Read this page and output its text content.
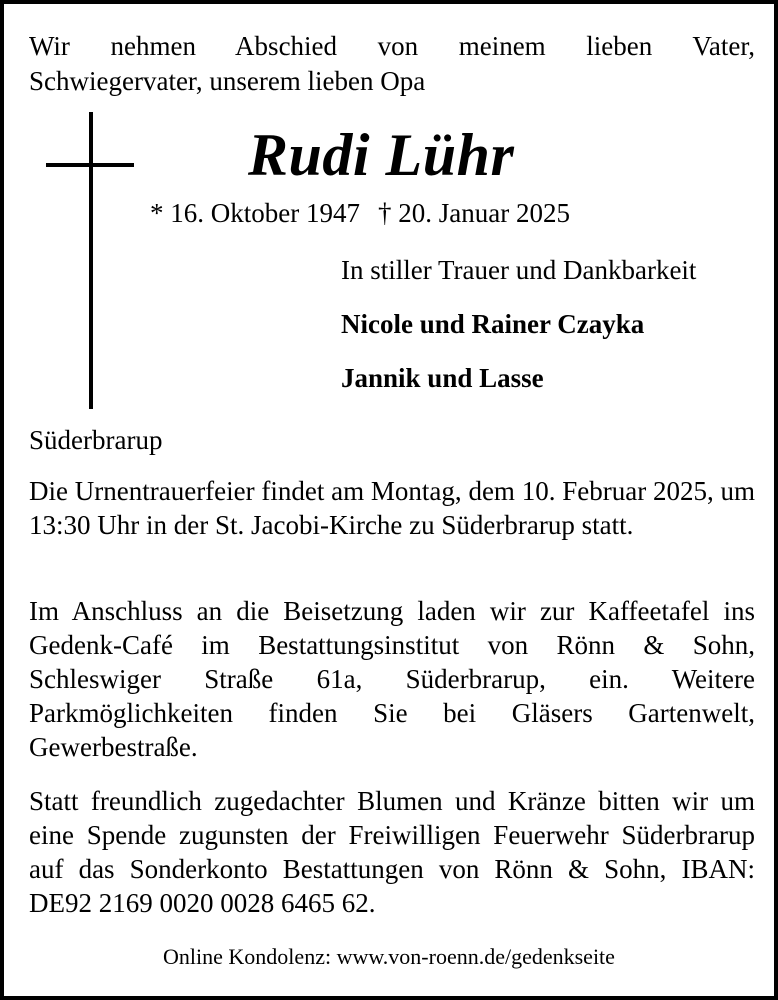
Wir nehmen Abschied von meinem lieben Vater,
Schwiegervater, unserem lieben Opa
Rudi Lühr
* 16. Oktober 1947 † 20. Januar 2025
In stiller Trauer und Dankbarkeit
Nicole und Rainer Czayka
Jannik und Lasse
Süderbrarup
Die Urnentrauerfeier findet am Montag, dem 10. Februar 2025, um 13:30 Uhr in der St. Jacobi-Kirche zu Süderbrarup statt.
Im Anschluss an die Beisetzung laden wir zur Kaffeetafel ins Gedenk-Café im Bestattungsinstitut von Rönn & Sohn, Schleswiger Straße 61a, Süderbrarup, ein. Weitere Parkmöglichkeiten finden Sie bei Gläsers Gartenwelt, Gewerbestraße.
Statt freundlich zugedachter Blumen und Kränze bitten wir um eine Spende zugunsten der Freiwilligen Feuerwehr Süderbrarup auf das Sonderkonto Bestattungen von Rönn & Sohn, IBAN: DE92 2169 0020 0028 6465 62.
Online Kondolenz: www.von-roenn.de/gedenkseite
